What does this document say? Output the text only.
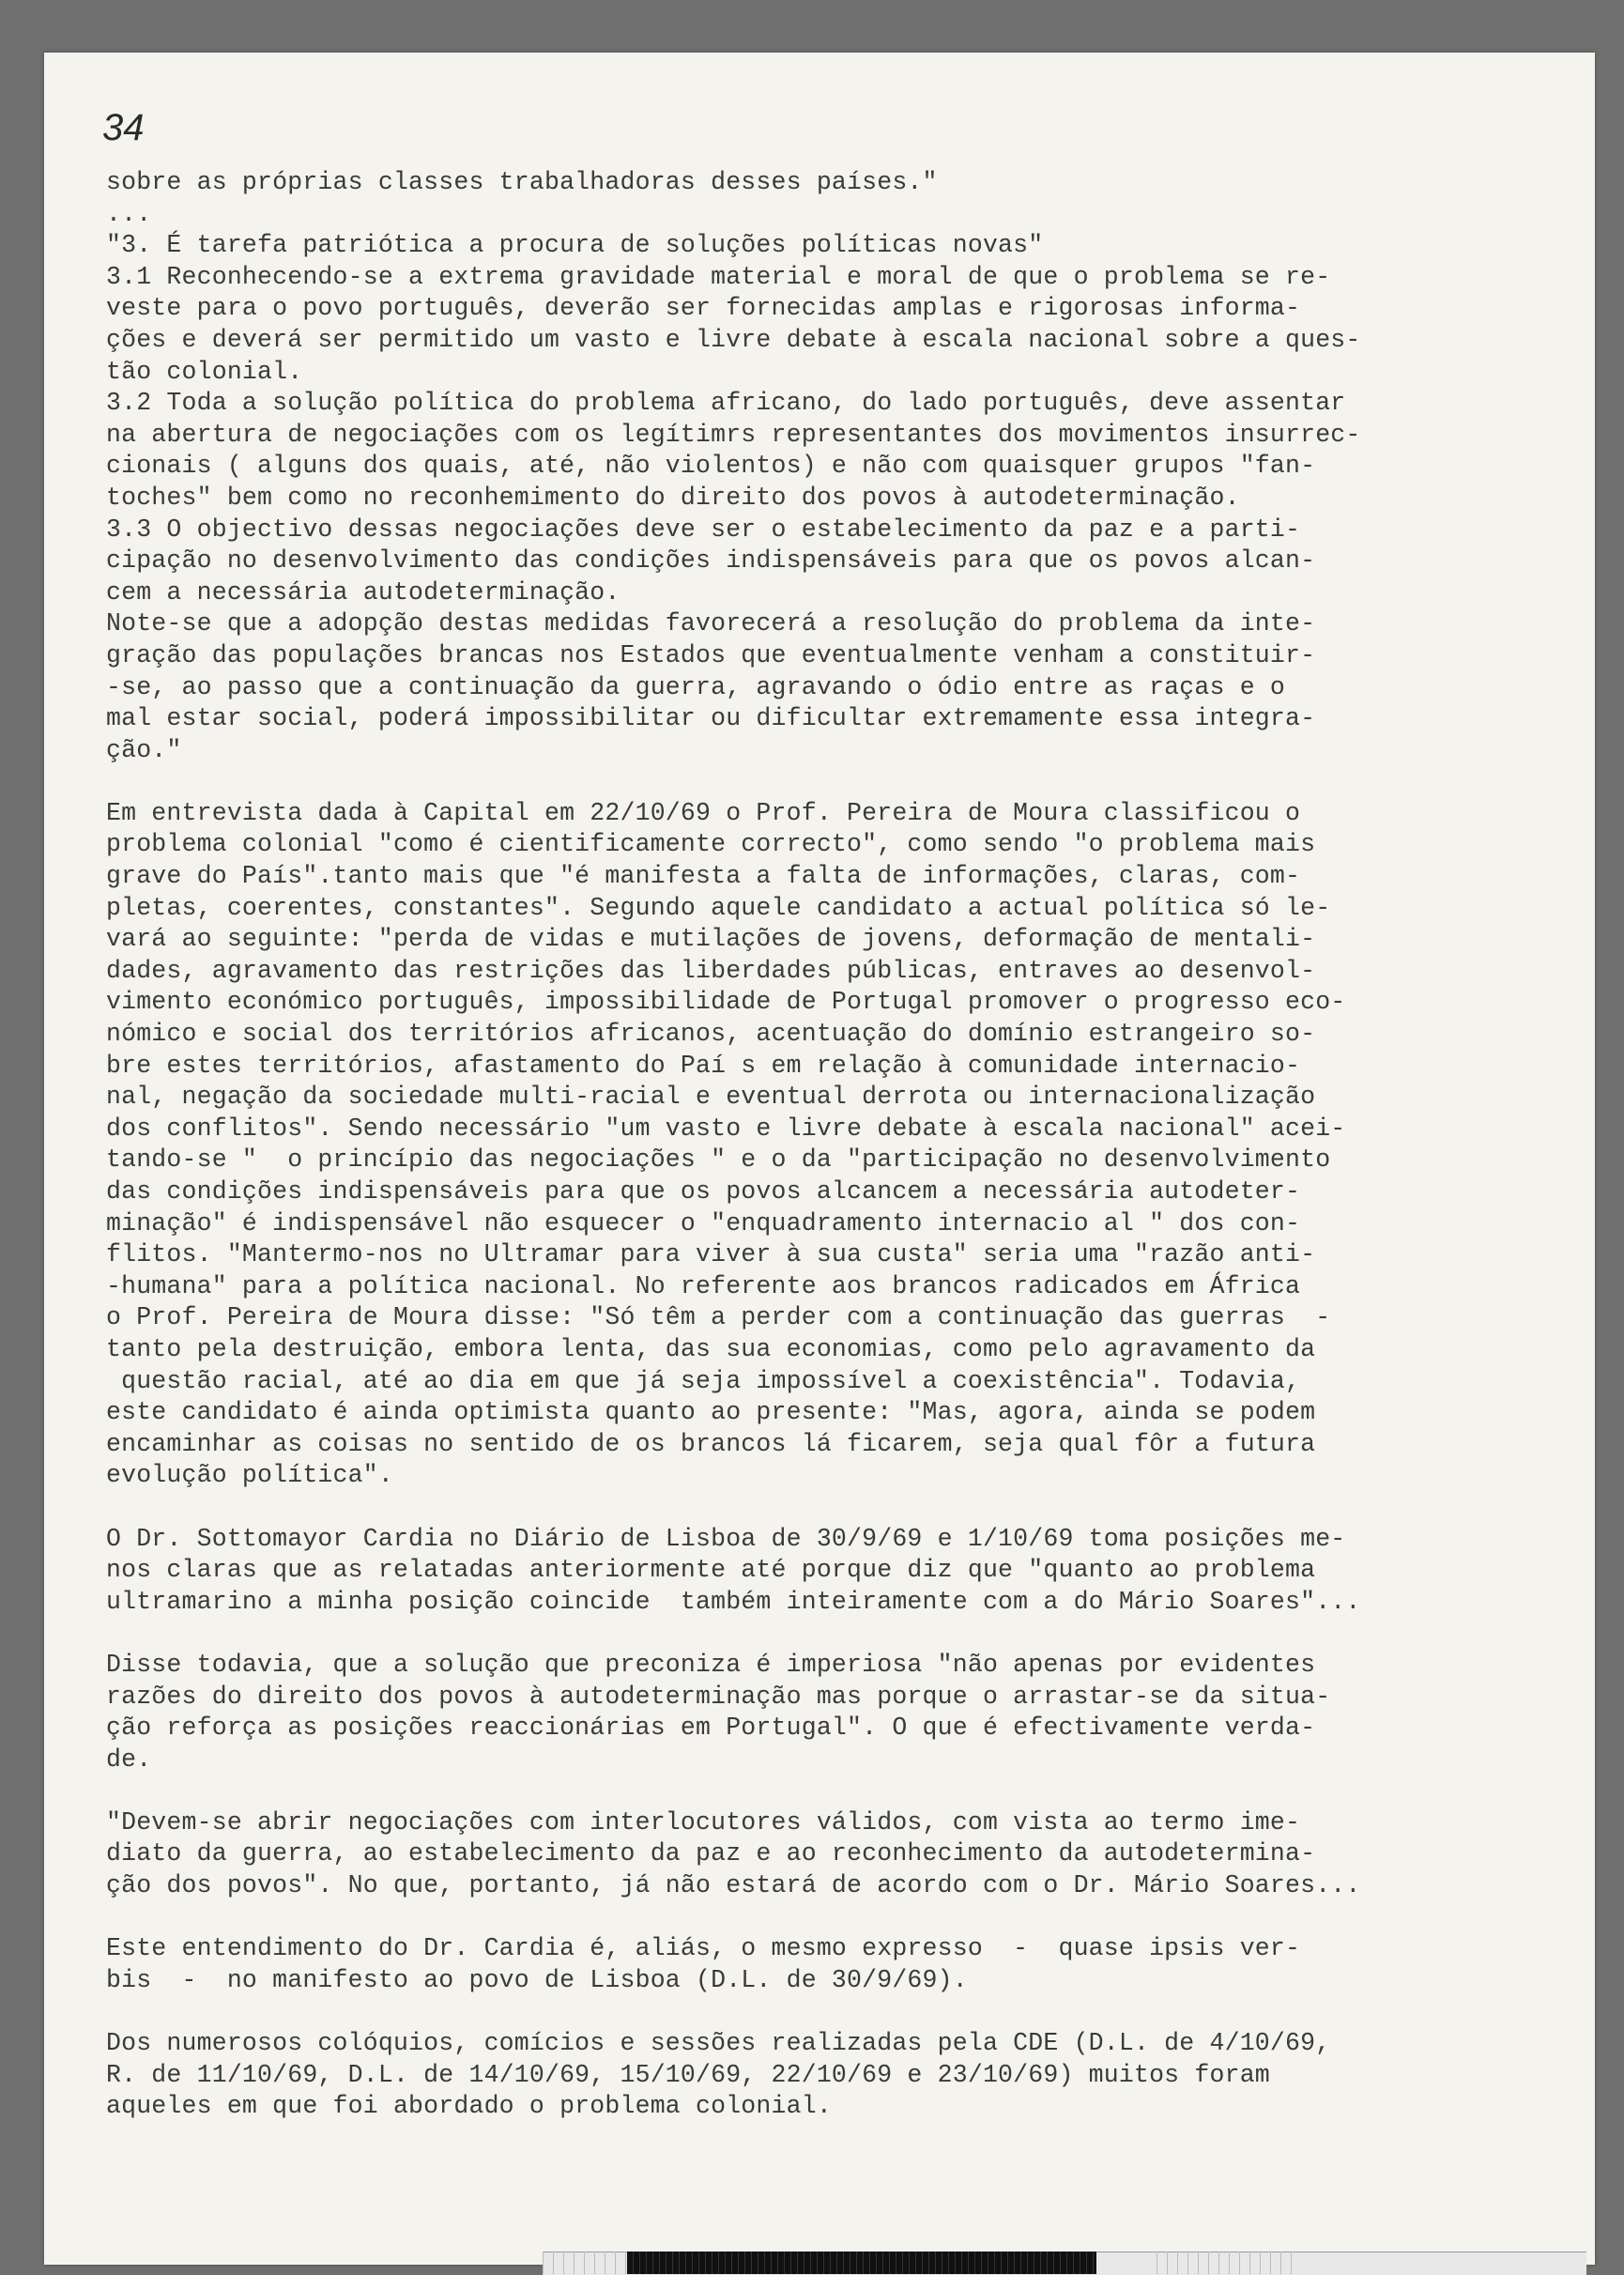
34
sobre as próprias classes trabalhadoras desses países."
...
"3. É tarefa patriótica a procura de soluções políticas novas"
3.1 Reconhecendo-se a extrema gravidade material e moral de que o problema se re-
veste para o povo português, deverão ser fornecidas amplas e rigorosas informa-
ções e deverá ser permitido um vasto e livre debate à escala nacional sobre a ques-
tão colonial.
3.2 Toda a solução política do problema africano, do lado português, deve assentar
na abertura de negociações com os legítimrs representantes dos movimentos insurrec-
cionais ( alguns dos quais, até, não violentos) e não com quaisquer grupos "fan-
toches" bem como no reconhemimento do direito dos povos à autodeterminação.
3.3 O objectivo dessas negociações deve ser o estabelecimento da paz e a parti-
cipação no desenvolvimento das condições indispensáveis para que os povos alcan-
cem a necessária autodeterminação.
Note-se que a adopção destas medidas favorecerá a resolução do problema da inte-
gração das populações brancas nos Estados que eventualmente venham a constituir-
-se, ao passo que a continuação da guerra, agravando o ódio entre as raças e o
mal estar social, poderá impossibilitar ou dificultar extremamente essa integra-
ção."
Em entrevista dada à Capital em 22/10/69 o Prof. Pereira de Moura classificou o
problema colonial "como é cientificamente correcto", como sendo "o problema mais
grave do País".tanto mais que "é manifesta a falta de informações, claras, com-
pletas, coerentes, constantes". Segundo aquele candidato a actual política só le-
vará ao seguinte: "perda de vidas e mutilações de jovens, deformação de mentali-
dades, agravamento das restrições das liberdades públicas, entraves ao desenvol-
vimento económico português, impossibilidade de Portugal promover o progresso eco-
nómico e social dos territórios africanos, acentuação do domínio estrangeiro so-
bre estes territórios, afastamento do Paí s em relação à comunidade internacio-
nal, negação da sociedade multi-racial e eventual derrota ou internacionalização
dos conflitos". Sendo necessário "um vasto e livre debate à escala nacional" acei-
tando-se "  o princípio das negociações " e o da "participação no desenvolvimento
das condições indispensáveis para que os povos alcancem a necessária autodeter-
minação" é indispensável não esquecer o "enquadramento internacio al " dos con-
flitos. "Mantermo-nos no Ultramar para viver à sua custa" seria uma "razão anti-
-humana" para a política nacional. No referente aos brancos radicados em África
o Prof. Pereira de Moura disse: "Só têm a perder com a continuação das guerras  -
tanto pela destruição, embora lenta, das sua economias, como pelo agravamento da
questão racial, até ao dia em que já seja impossível a coexistência". Todavia,
este candidato é ainda optimista quanto ao presente: "Mas, agora, ainda se podem
encaminhar as coisas no sentido de os brancos lá ficarem, seja qual fôr a futura
evolução política".
O Dr. Sottomayor Cardia no Diário de Lisboa de 30/9/69 e 1/10/69 toma posições me-
nos claras que as relatadas anteriormente até porque diz que "quanto ao problema
ultramarino a minha posição coincide  também inteiramente com a do Mário Soares"...
Disse todavia, que a solução que preconiza é imperiosa "não apenas por evidentes
razões do direito dos povos à autodeterminação mas porque o arrastar-se da situa-
ção reforça as posições reaccionárias em Portugal". O que é efectivamente verda-
de.
"Devem-se abrir negociações com interlocutores válidos, com vista ao termo ime-
diato da guerra, ao estabelecimento da paz e ao reconhecimento da autodetermina-
ção dos povos". No que, portanto, já não estará de acordo com o Dr. Mário Soares...
Este entendimento do Dr. Cardia é, aliás, o mesmo expresso  -  quase ipsis ver-
bis  -  no manifesto ao povo de Lisboa (D.L. de 30/9/69).
Dos numerosos colóquios, comícios e sessões realizadas pela CDE (D.L. de 4/10/69,
R. de 11/10/69, D.L. de 14/10/69, 15/10/69, 22/10/69 e 23/10/69) muitos foram
aqueles em que foi abordado o problema colonial.
